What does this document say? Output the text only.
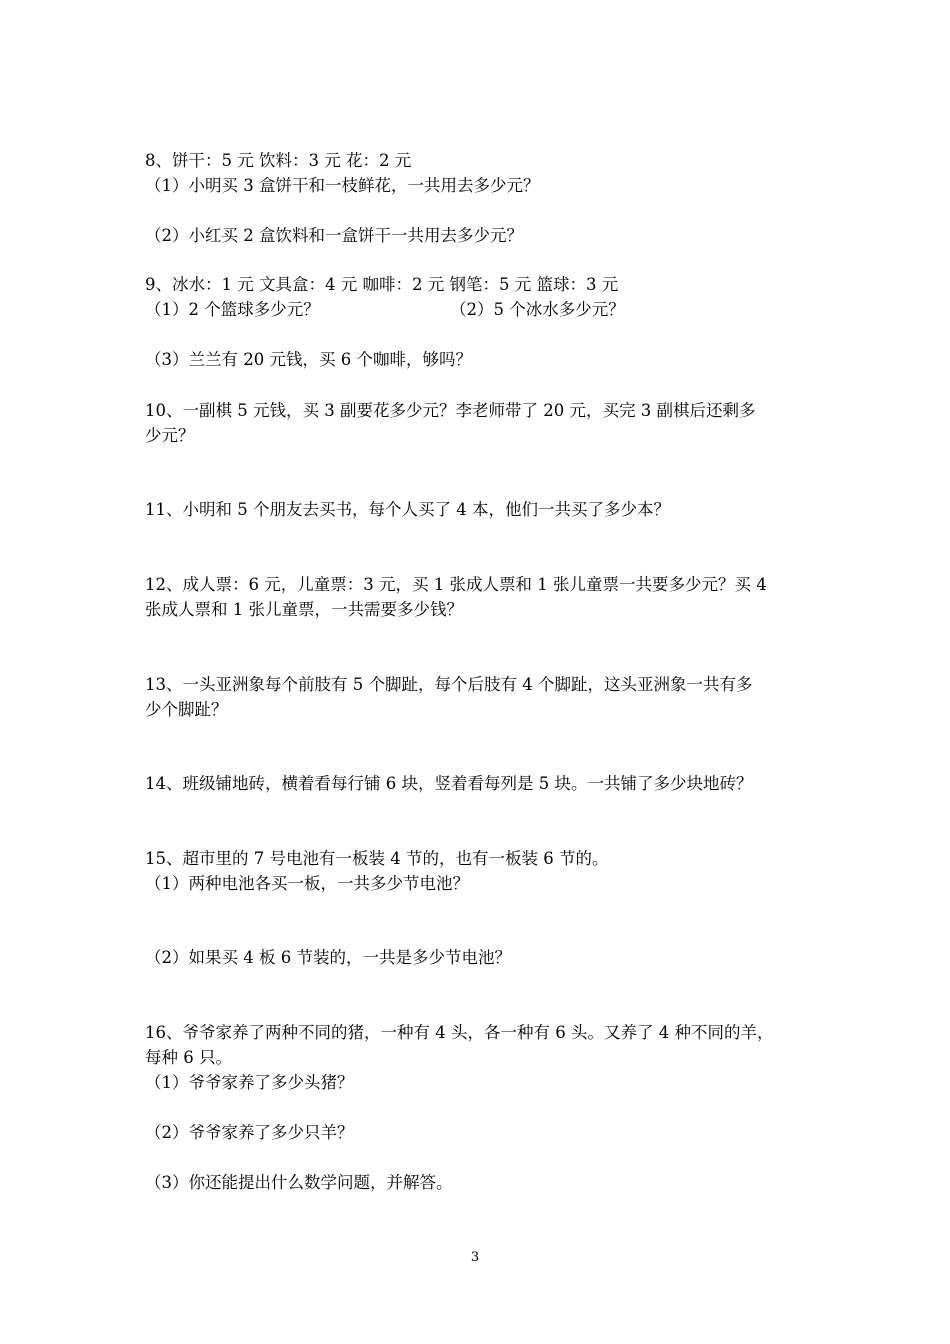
8、饼干：5 元 饮料：3 元 花：2 元
（1）小明买 3 盒饼干和一枝鲜花，一共用去多少元？
（2）小红买 2 盒饮料和一盒饼干一共用去多少元？
9、冰水：1 元 文具盒：4 元 咖啡：2 元 钢笔：5 元 篮球：3 元
（1）2 个篮球多少元？	（2）5 个冰水多少元？
（3）兰兰有 20 元钱，买 6 个咖啡，够吗？
10、一副棋 5 元钱，买 3 副要花多少元？李老师带了 20 元，买完 3 副棋后还剩多
少元？
11、小明和 5 个朋友去买书，每个人买了 4 本，他们一共买了多少本？
12、成人票：6 元，儿童票：3 元，买 1 张成人票和 1 张儿童票一共要多少元？买 4
张成人票和 1 张儿童票，一共需要多少钱？
13、一头亚洲象每个前肢有 5 个脚趾，每个后肢有 4 个脚趾，这头亚洲象一共有多
少个脚趾？
14、班级铺地砖，横着看每行铺 6 块，竖着看每列是 5 块。一共铺了多少块地砖？
15、超市里的 7 号电池有一板装 4 节的，也有一板装 6 节的。
（1）两种电池各买一板，一共多少节电池？
（2）如果买 4 板 6 节装的，一共是多少节电池？
16、爷爷家养了两种不同的猪，一种有 4 头，各一种有 6 头。又养了 4 种不同的羊，
每种 6 只。
（1）爷爷家养了多少头猪？
（2）爷爷家养了多少只羊？
（3）你还能提出什么数学问题，并解答。
3
